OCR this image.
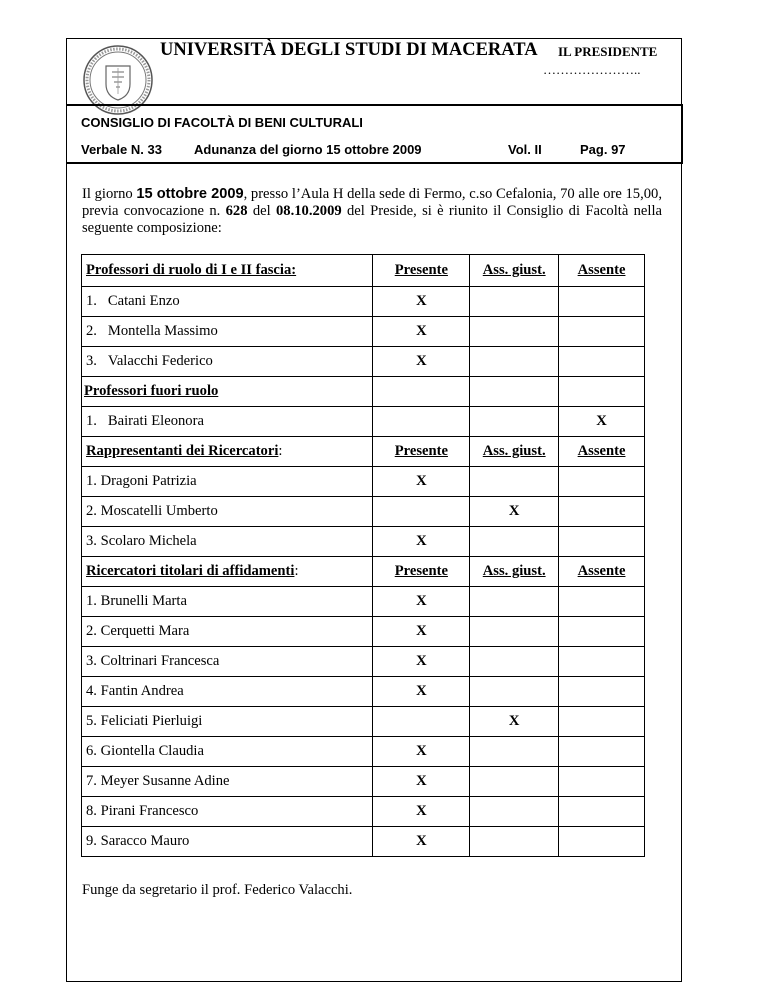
UNIVERSITÀ DEGLI STUDI DI MACERATA IL PRESIDENTE
…………………..
CONSIGLIO DI FACOLTÀ DI BENI CULTURALI
Verbale N. 33 Adunanza del giorno 15 ottobre 2009	Vol. II	Pag. 97
Il giorno 15 ottobre 2009, presso l’Aula H della sede di Fermo, c.so Cefalonia, 70 alle ore 15,00, previa convocazione n. 628 del 08.10.2009 del Preside, si è riunito il Consiglio di Facoltà nella seguente composizione:
Professori di ruolo di I e II fascia:	Presente	Ass. giust.	Assente
1. Catani Enzo	X		
2. Montella Massimo	X		
3. Valacchi Federico	X		
Professori fuori ruolo			
1. Bairati Eleonora			X
Rappresentanti dei Ricercatori:	Presente	Ass. giust.	Assente
1. Dragoni Patrizia	X		
2. Moscatelli Umberto		X	
3. Scolaro Michela	X		
Ricercatori titolari di affidamenti:	Presente	Ass. giust.	Assente
1. Brunelli Marta	X		
2. Cerquetti Mara	X		
3. Coltrinari Francesca	X		
4. Fantin Andrea	X		
5. Feliciati Pierluigi		X	
6. Giontella Claudia	X		
7. Meyer Susanne Adine	X		
8. Pirani Francesco	X		
9. Saracco Mauro	X		
Funge da segretario il prof. Federico Valacchi.
